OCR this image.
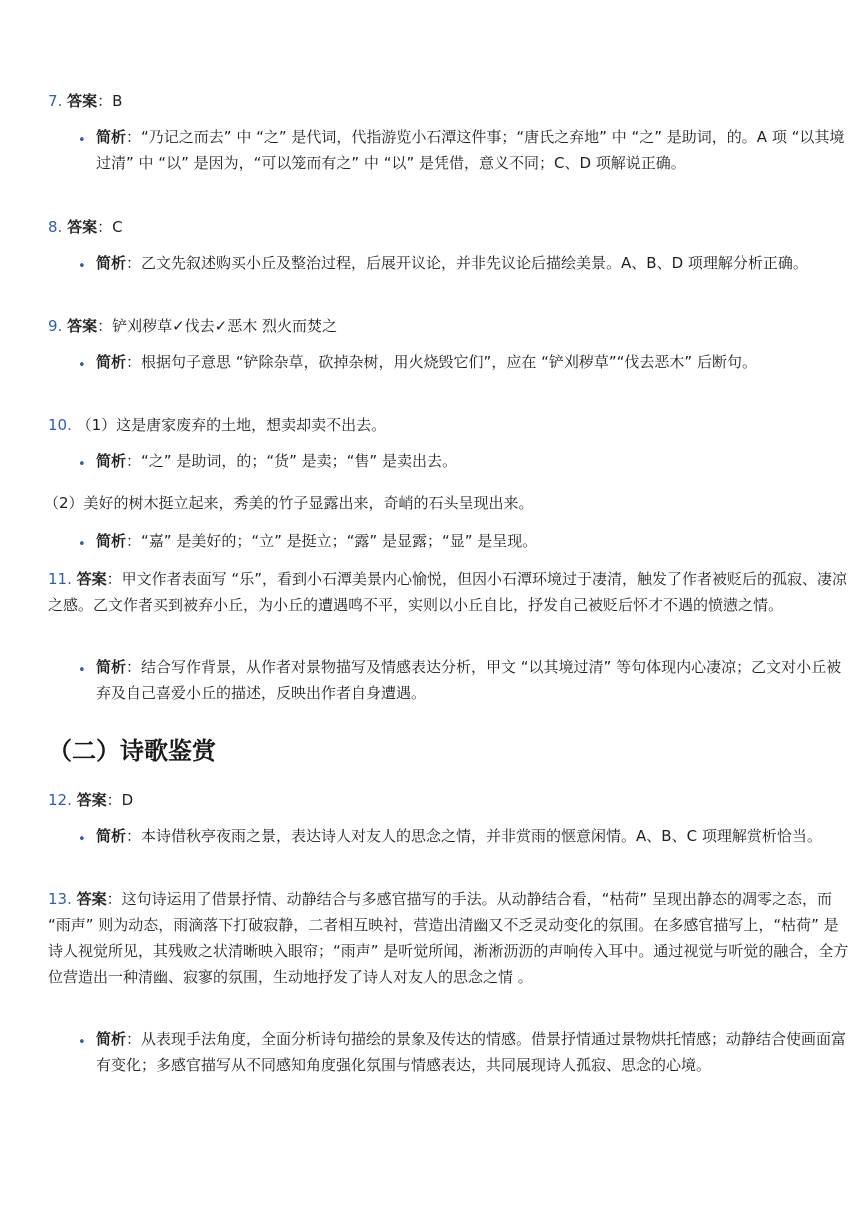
7. 答案：B
• 简析：“乃记之而去” 中 “之” 是代词，代指游览小石潭这件事；“唐氏之弃地” 中 “之” 是助词，的。A 项 “以其境过清” 中 “以” 是因为，“可以笼而有之” 中 “以” 是凭借，意义不同；C、D 项解说正确。
8. 答案：C
• 简析：乙文先叙述购买小丘及整治过程，后展开议论，并非先议论后描绘美景。A、B、D 项理解分析正确。
9. 答案：铲刈秽草✓伐去✓恶木 烈火而焚之
• 简析：根据句子意思 “铲除杂草，砍掉杂树，用火烧毁它们”，应在 “铲刈秽草”“伐去恶木” 后断句。
10. （1）这是唐家废弃的土地，想卖却卖不出去。
• 简析：“之” 是助词，的；“货” 是卖；“售” 是卖出去。
（2）美好的树木挺立起来，秀美的竹子显露出来，奇峭的石头呈现出来。
• 简析：“嘉” 是美好的；“立” 是挺立；“露” 是显露；“显” 是呈现。
11. 答案：甲文作者表面写 “乐”，看到小石潭美景内心愉悦，但因小石潭环境过于凄清，触发了作者被贬后的孤寂、凄凉之感。乙文作者买到被弃小丘，为小丘的遭遇鸣不平，实则以小丘自比，抒发自己被贬后怀才不遇的愤懑之情。
• 简析：结合写作背景，从作者对景物描写及情感表达分析，甲文 “以其境过清” 等句体现内心凄凉；乙文对小丘被弃及自己喜爱小丘的描述，反映出作者自身遭遇。
（二）诗歌鉴赏
12. 答案：D
• 简析：本诗借秋亭夜雨之景，表达诗人对友人的思念之情，并非赏雨的惬意闲情。A、B、C 项理解赏析恰当。
13. 答案：这句诗运用了借景抒情、动静结合与多感官描写的手法。从动静结合看，“枯荷” 呈现出静态的凋零之态，而 “雨声” 则为动态，雨滴落下打破寂静，二者相互映衬，营造出清幽又不乏灵动变化的氛围。在多感官描写上，“枯荷” 是诗人视觉所见，其残败之状清晰映入眼帘；“雨声” 是听觉所闻，淅淅沥沥的声响传入耳中。通过视觉与听觉的融合，全方位营造出一种清幽、寂寥的氛围，生动地抒发了诗人对友人的思念之情 。
• 简析：从表现手法角度，全面分析诗句描绘的景象及传达的情感。借景抒情通过景物烘托情感；动静结合使画面富有变化；多感官描写从不同感知角度强化氛围与情感表达，共同展现诗人孤寂、思念的心境。
